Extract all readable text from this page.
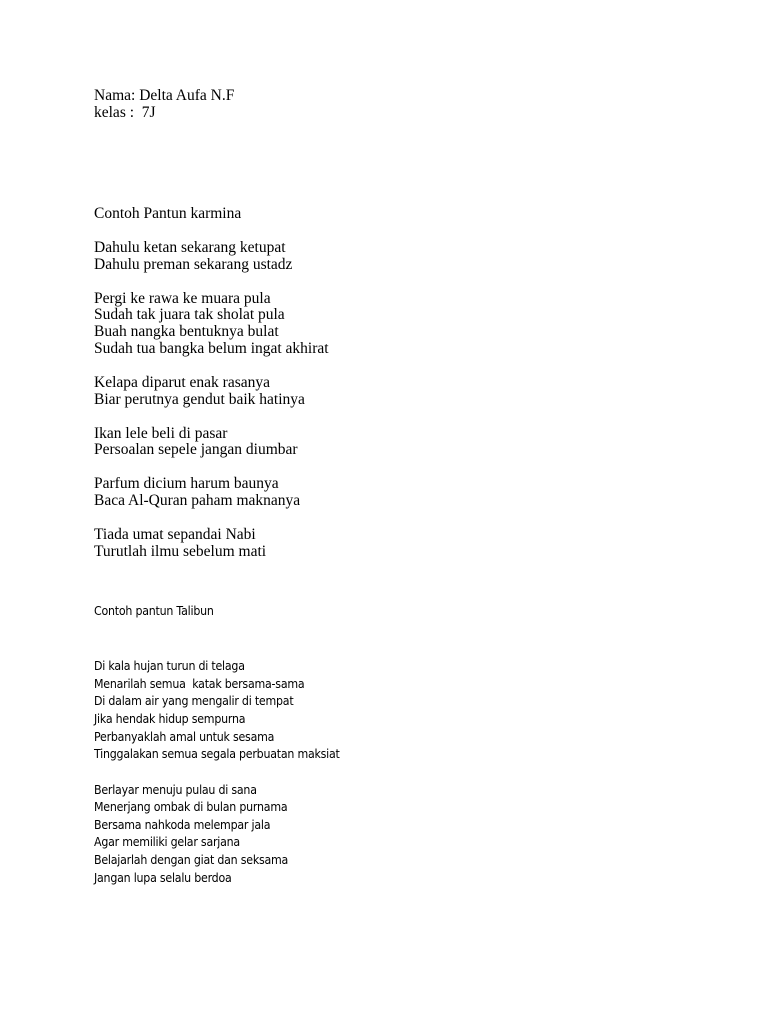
Nama: Delta Aufa N.F

kelas :  7J

Contoh Pantun karmina

Dahulu ketan sekarang ketupat

Dahulu preman sekarang ustadz

Pergi ke rawa ke muara pula

Sudah tak juara tak sholat pula

Buah nangka bentuknya bulat

Sudah tua bangka belum ingat akhirat

Kelapa diparut enak rasanya

Biar perutnya gendut baik hatinya

Ikan lele beli di pasar

Persoalan sepele jangan diumbar

Parfum dicium harum baunya

Baca Al-Quran paham maknanya

Tiada umat sepandai Nabi

Turutlah ilmu sebelum mati

Contoh pantun Talibun

Di kala hujan turun di telaga

Menarilah semua  katak bersama-sama

Di dalam air yang mengalir di tempat

Jika hendak hidup sempurna

Perbanyaklah amal untuk sesama

Tinggalakan semua segala perbuatan maksiat

Berlayar menuju pulau di sana

Menerjang ombak di bulan purnama

Bersama nahkoda melempar jala

Agar memiliki gelar sarjana

Belajarlah dengan giat dan seksama

Jangan lupa selalu berdoa
